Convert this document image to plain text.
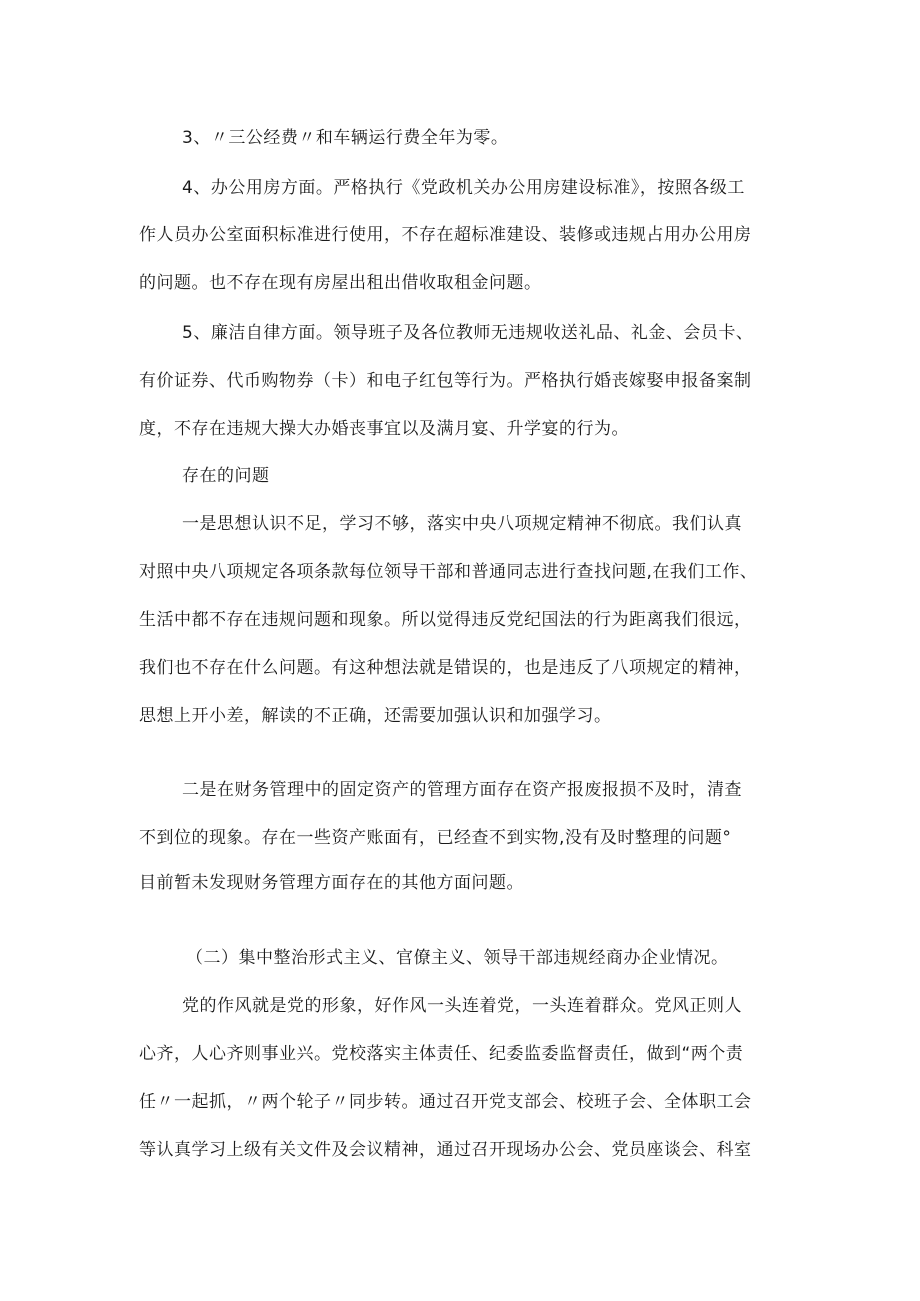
3、〃三公经费〃和车辆运行费全年为零。
4、办公用房方面。严格执行《党政机关办公用房建设标准》，按照各级工
作人员办公室面积标准进行使用，不存在超标准建设、装修或违规占用办公用房
的问题。也不存在现有房屋出租出借收取租金问题。
5、廉洁自律方面。领导班子及各位教师无违规收送礼品、礼金、会员卡、
有价证券、代币购物券（卡）和电子红包等行为。严格执行婚丧嫁娶申报备案制
度，不存在违规大操大办婚丧事宜以及满月宴、升学宴的行为。
存在的问题
一是思想认识不足，学习不够，落实中央八项规定精神不彻底。我们认真
对照中央八项规定各项条款每位领导干部和普通同志进行查找问题,在我们工作、
生活中都不存在违规问题和现象。所以觉得违反党纪国法的行为距离我们很远，
我们也不存在什么问题。有这种想法就是错误的，也是违反了八项规定的精神，
思想上开小差，解读的不正确，还需要加强认识和加强学习。
二是在财务管理中的固定资产的管理方面存在资产报废报损不及时，清查
不到位的现象。存在一些资产账面有，已经查不到实物,没有及时整理的问题°
目前暂未发现财务管理方面存在的其他方面问题。
（二）集中整治形式主义、官僚主义、领导干部违规经商办企业情况。
党的作风就是党的形象，好作风一头连着党，一头连着群众。党风正则人
心齐，人心齐则事业兴。党校落实主体责任、纪委监委监督责任，做到“两个责
任〃一起抓，〃两个轮子〃同步转。通过召开党支部会、校班子会、全体职工会
等认真学习上级有关文件及会议精神，通过召开现场办公会、党员座谈会、科室
